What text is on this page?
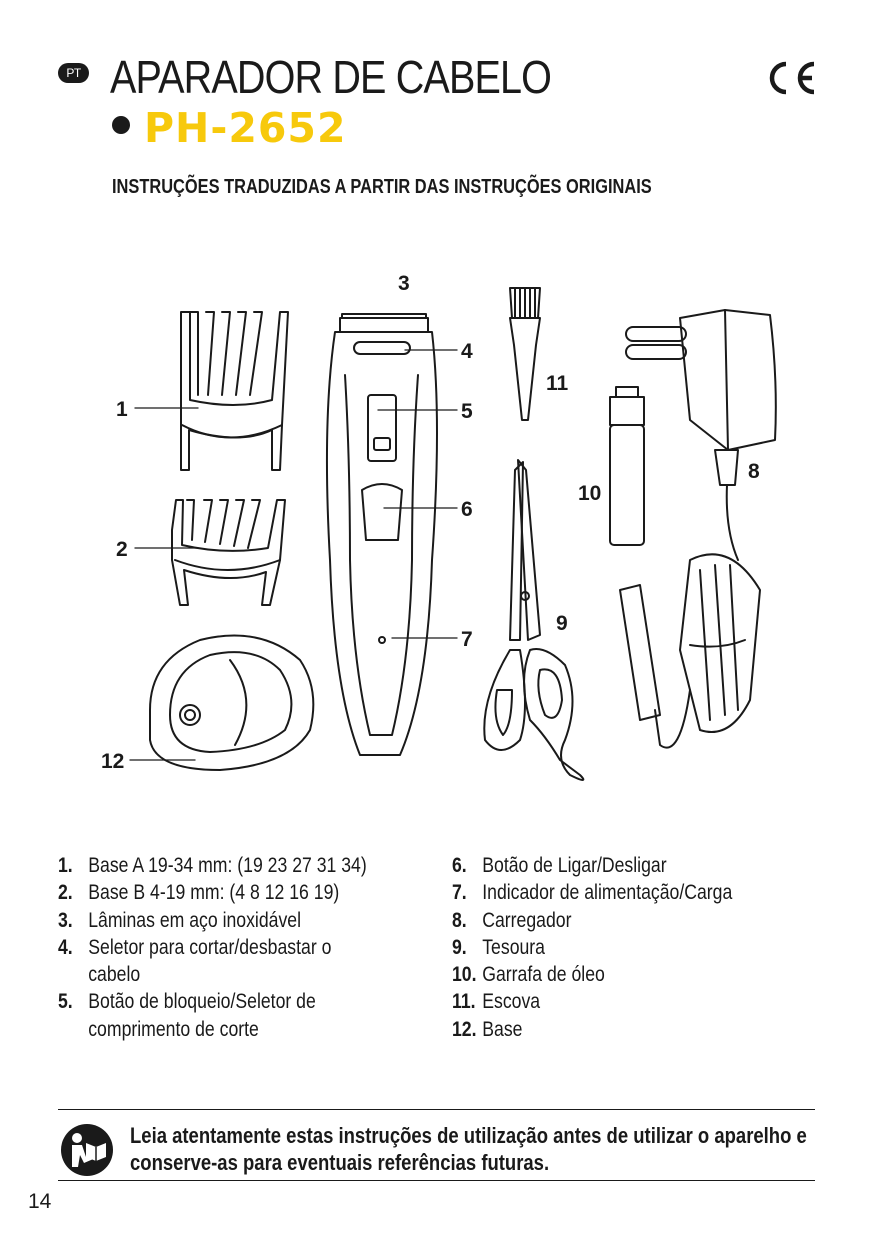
PT APARADOR DE CABELO
PH-2652
INSTRUÇÕES TRADUZIDAS A PARTIR DAS INSTRUÇÕES ORIGINAIS
1
2
3
4
5
6
7
8
9
10
11
12
1. Base A 19-34 mm: (19 23 27 31 34)
2. Base B 4-19 mm: (4 8 12 16 19)
3. Lâminas em aço inoxidável
4. Seletor para cortar/desbastar o cabelo
5. Botão de bloqueio/Seletor de comprimento de corte
6. Botão de Ligar/Desligar
7. Indicador de alimentação/Carga
8. Carregador
9. Tesoura
10. Garrafa de óleo
11. Escova
12. Base
Leia atentamente estas instruções de utilização antes de utilizar o aparelho e conserve-as para eventuais referências futuras.
14
